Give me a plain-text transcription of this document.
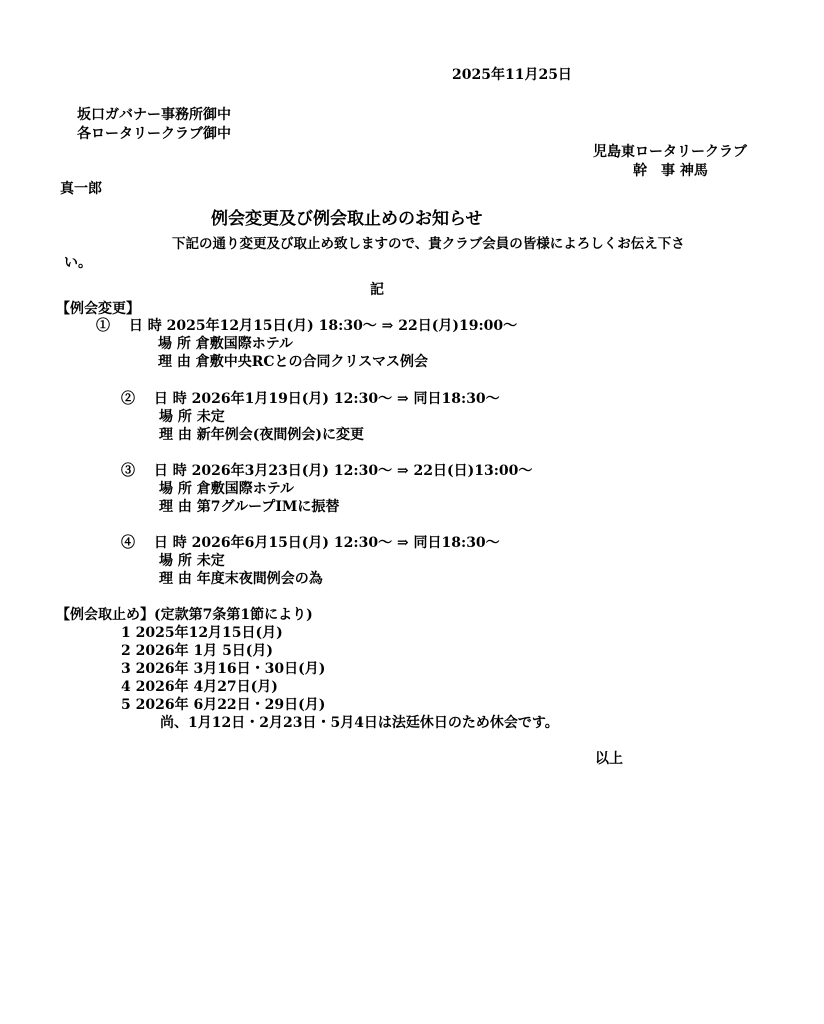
2025年11月25日
坂口ガバナー事務所御中
各ロータリークラブ御中
児島東ロータリークラブ
幹　事 神馬
真一郎
例会変更及び例会取止めのお知らせ
下記の通り変更及び取止め致しますので、貴クラブ会員の皆様によろしくお伝え下さ
い。
記
【例会変更】
①　 日 時 2025年12月15日(月) 18:30～ ⇒ 22日(月)19:00～
場 所 倉敷国際ホテル
理 由 倉敷中央RCとの合同クリスマス例会
②　 日 時 2026年1月19日(月) 12:30～ ⇒ 同日18:30～
場 所 未定
理 由 新年例会(夜間例会)に変更
③　 日 時 2026年3月23日(月) 12:30～ ⇒ 22日(日)13:00～
場 所 倉敷国際ホテル
理 由 第7グループIMに振替
④　 日 時 2026年6月15日(月) 12:30～ ⇒ 同日18:30～
場 所 未定
理 由 年度末夜間例会の為
【例会取止め】(定款第7条第1節により)
1 2025年12月15日(月)
2 2026年 1月 5日(月)
3 2026年 3月16日・30日(月)
4 2026年 4月27日(月)
5 2026年 6月22日・29日(月)
尚、1月12日・2月23日・5月4日は法廷休日のため休会です。
以上
